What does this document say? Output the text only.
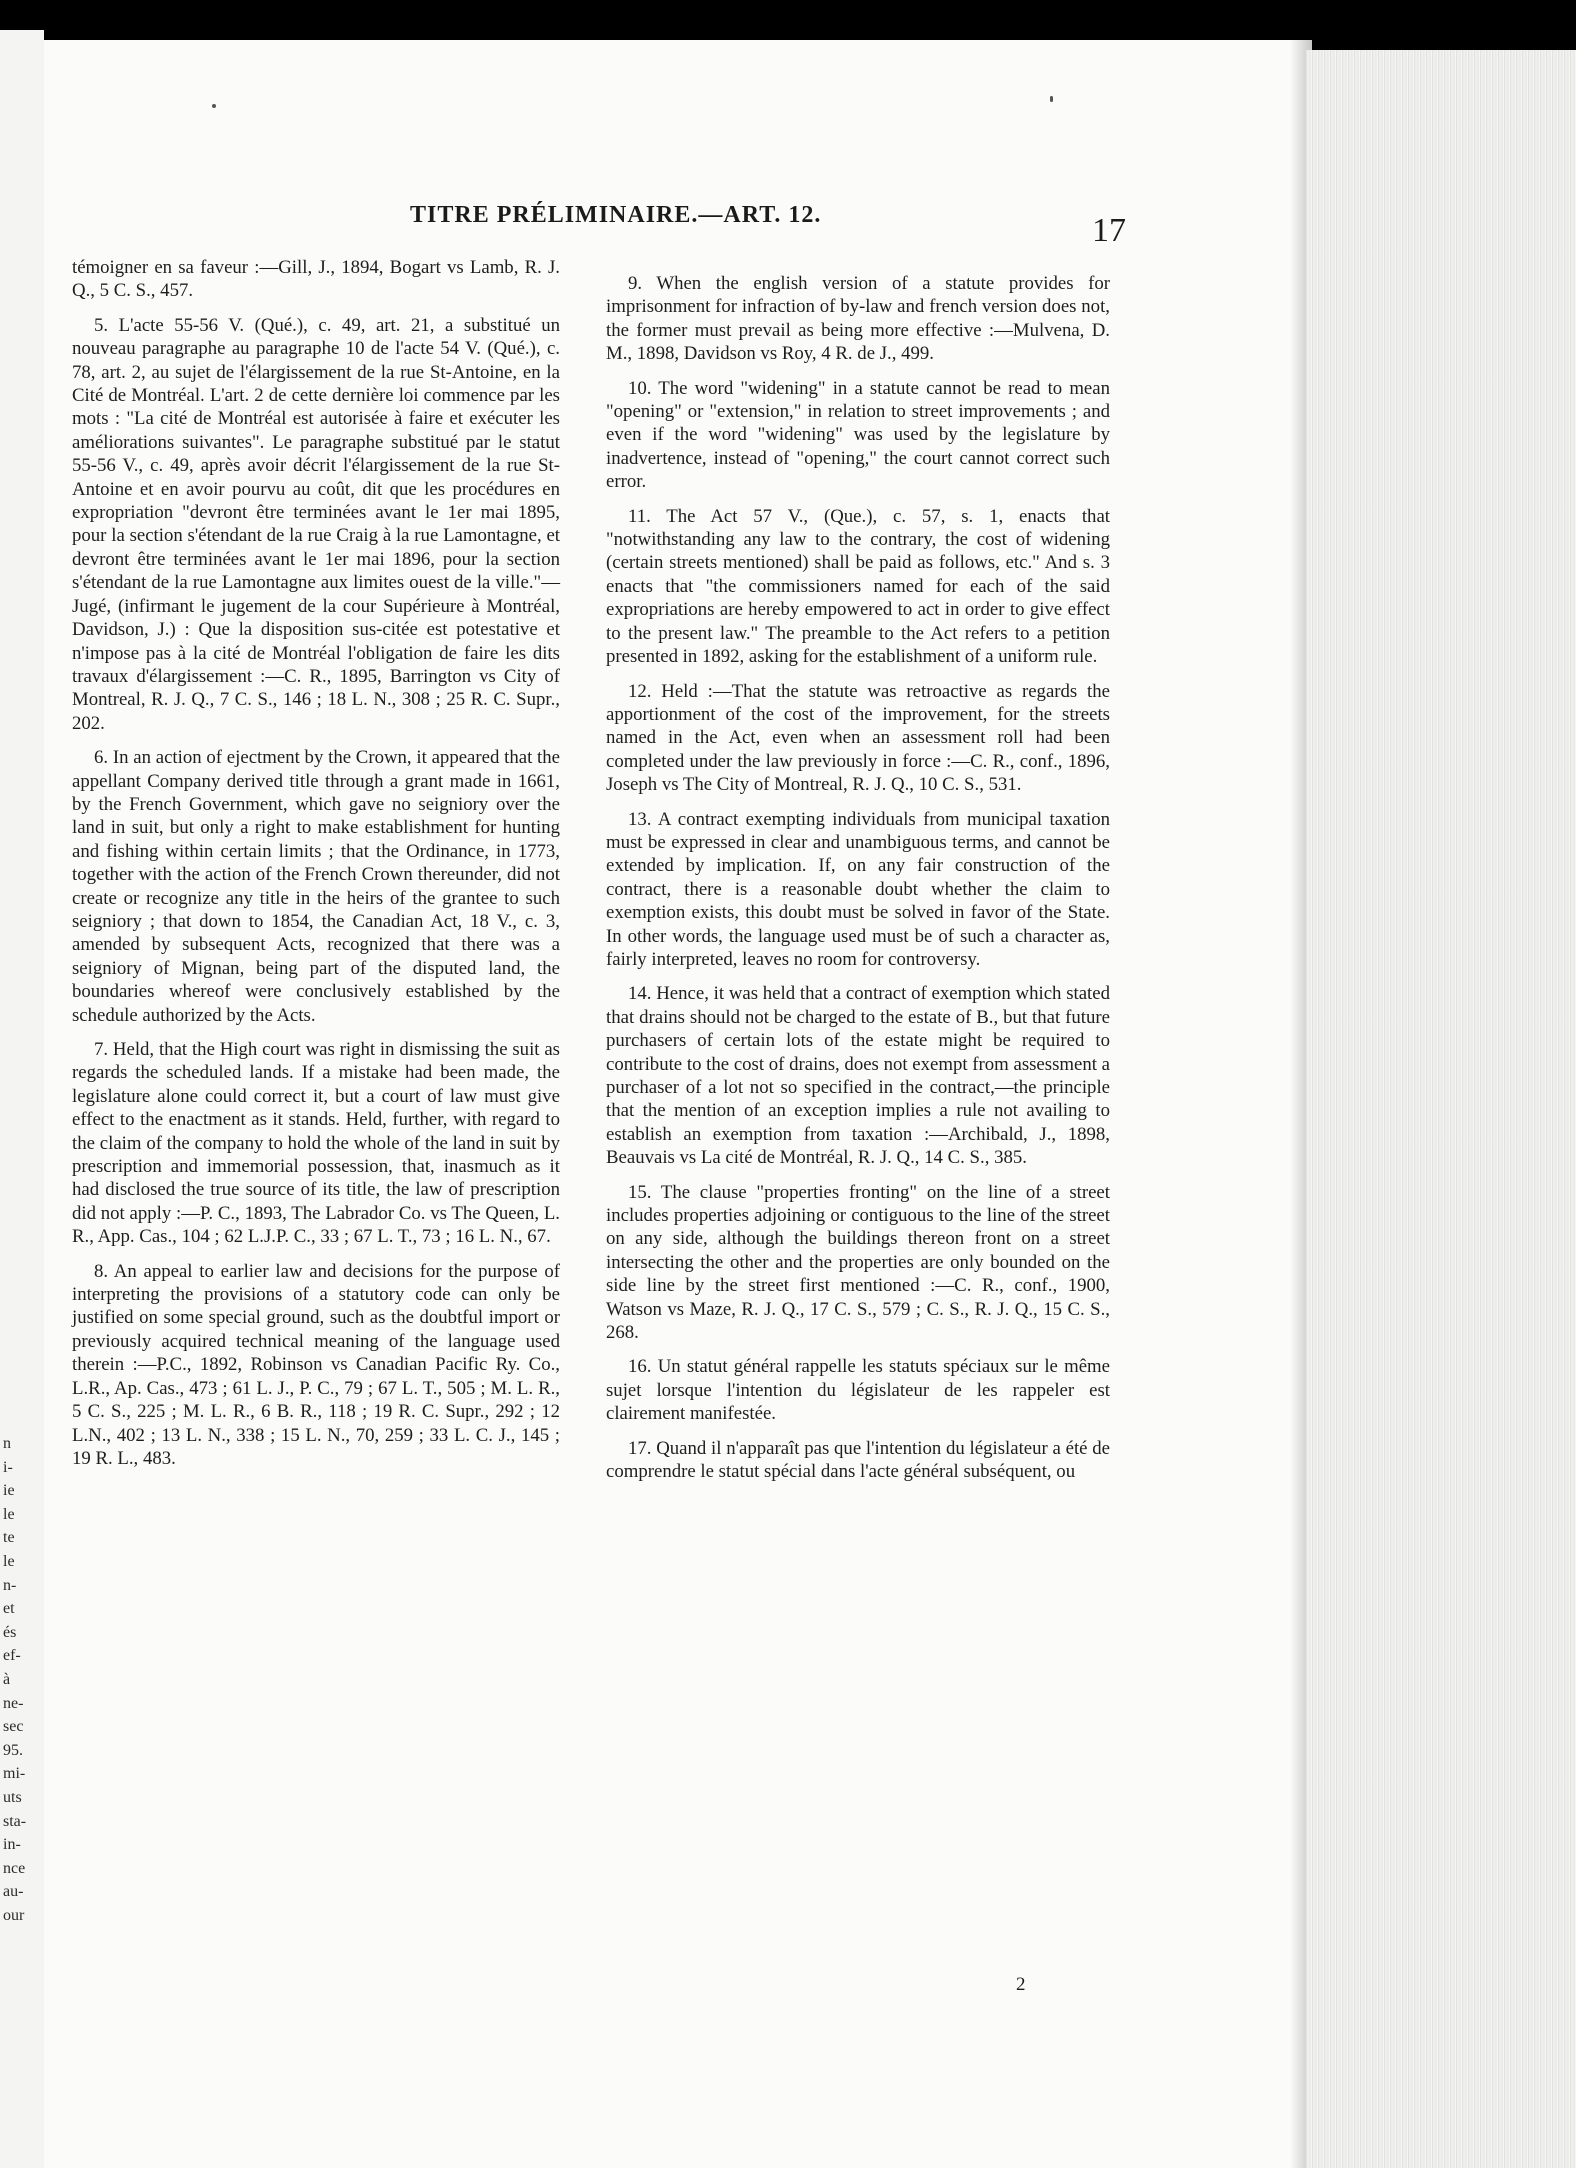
n
i-
ie
le
te
le
n-
et
és
ef-
à
ne-
sec
95.
mi-
uts
sta-
in-
nce
au-
our
TITRE PRÉLIMINAIRE.—ART. 12.	17

témoigner en sa faveur :—Gill, J., 1894, Bogart vs Lamb, R. J. Q., 5 C. S., 457.

5. L'acte 55-56 V. (Qué.), c. 49, art. 21, a substitué un nouveau paragraphe au paragraphe 10 de l'acte 54 V. (Qué.), c. 78, art. 2, au sujet de l'élargissement de la rue St-Antoine, en la Cité de Montréal. L'art. 2 de cette dernière loi commence par les mots : "La cité de Montréal est autorisée à faire et exécuter les améliorations suivantes". Le paragraphe substitué par le statut 55-56 V., c. 49, après avoir décrit l'élargissement de la rue St-Antoine et en avoir pourvu au coût, dit que les procédures en expropriation "devront être terminées avant le 1er mai 1895, pour la section s'étendant de la rue Craig à la rue Lamontagne, et devront être terminées avant le 1er mai 1896, pour la section s'étendant de la rue Lamontagne aux limites ouest de la ville."—Jugé, (infirmant le jugement de la cour Supérieure à Montréal, Davidson, J.) : Que la disposition sus-citée est potestative et n'impose pas à la cité de Montréal l'obligation de faire les dits travaux d'élargissement :—C. R., 1895, Barrington vs City of Montreal, R. J. Q., 7 C. S., 146 ; 18 L. N., 308 ; 25 R. C. Supr., 202.

6. In an action of ejectment by the Crown, it appeared that the appellant Company derived title through a grant made in 1661, by the French Government, which gave no seigniory over the land in suit, but only a right to make establishment for hunting and fishing within certain limits ; that the Ordinance, in 1773, together with the action of the French Crown thereunder, did not create or recognize any title in the heirs of the grantee to such seigniory ; that down to 1854, the Canadian Act, 18 V., c. 3, amended by subsequent Acts, recognized that there was a seigniory of Mignan, being part of the disputed land, the boundaries whereof were conclusively established by the schedule authorized by the Acts.

7. Held, that the High court was right in dismissing the suit as regards the scheduled lands. If a mistake had been made, the legislature alone could correct it, but a court of law must give effect to the enactment as it stands. Held, further, with regard to the claim of the company to hold the whole of the land in suit by prescription and immemorial possession, that, inasmuch as it had disclosed the true source of its title, the law of prescription did not apply :—P. C., 1893, The Labrador Co. vs The Queen, L. R., App. Cas., 104 ; 62 L.J.P. C., 33 ; 67 L. T., 73 ; 16 L. N., 67.

8. An appeal to earlier law and decisions for the purpose of interpreting the provisions of a statutory code can only be justified on some special ground, such as the doubtful import or previously acquired technical meaning of the language used therein :—P.C., 1892, Robinson vs Canadian Pacific Ry. Co., L.R., Ap. Cas., 473 ; 61 L. J., P. C., 79 ; 67 L. T., 505 ; M. L. R., 5 C. S., 225 ; M. L. R., 6 B. R., 118 ; 19 R. C. Supr., 292 ; 12 L.N., 402 ; 13 L. N., 338 ; 15 L. N., 70, 259 ; 33 L. C. J., 145 ; 19 R. L., 483.

9. When the english version of a statute provides for imprisonment for infraction of by-law and french version does not, the former must prevail as being more effective :—Mulvena, D. M., 1898, Davidson vs Roy, 4 R. de J., 499.

10. The word "widening" in a statute cannot be read to mean "opening" or "extension," in relation to street improvements ; and even if the word "widening" was used by the legislature by inadvertence, instead of "opening," the court cannot correct such error.

11. The Act 57 V., (Que.), c. 57, s. 1, enacts that "notwithstanding any law to the contrary, the cost of widening (certain streets mentioned) shall be paid as follows, etc." And s. 3 enacts that "the commissioners named for each of the said expropriations are hereby empowered to act in order to give effect to the present law." The preamble to the Act refers to a petition presented in 1892, asking for the establishment of a uniform rule.

12. Held :—That the statute was retroactive as regards the apportionment of the cost of the improvement, for the streets named in the Act, even when an assessment roll had been completed under the law previously in force :—C. R., conf., 1896, Joseph vs The City of Montreal, R. J. Q., 10 C. S., 531.

13. A contract exempting individuals from municipal taxation must be expressed in clear and unambiguous terms, and cannot be extended by implication. If, on any fair construction of the contract, there is a reasonable doubt whether the claim to exemption exists, this doubt must be solved in favor of the State. In other words, the language used must be of such a character as, fairly interpreted, leaves no room for controversy.

14. Hence, it was held that a contract of exemption which stated that drains should not be charged to the estate of B., but that future purchasers of certain lots of the estate might be required to contribute to the cost of drains, does not exempt from assessment a purchaser of a lot not so specified in the contract,—the principle that the mention of an exception implies a rule not availing to establish an exemption from taxation :—Archibald, J., 1898, Beauvais vs La cité de Montréal, R. J. Q., 14 C. S., 385.

15. The clause "properties fronting" on the line of a street includes properties adjoining or contiguous to the line of the street on any side, although the buildings thereon front on a street intersecting the other and the properties are only bounded on the side line by the street first mentioned :—C. R., conf., 1900, Watson vs Maze, R. J. Q., 17 C. S., 579 ; C. S., R. J. Q., 15 C. S., 268.

16. Un statut général rappelle les statuts spéciaux sur le même sujet lorsque l'intention du législateur de les rappeler est clairement manifestée.

17. Quand il n'apparaît pas que l'intention du législateur a été de comprendre le statut spécial dans l'acte général subséquent, ou

2
